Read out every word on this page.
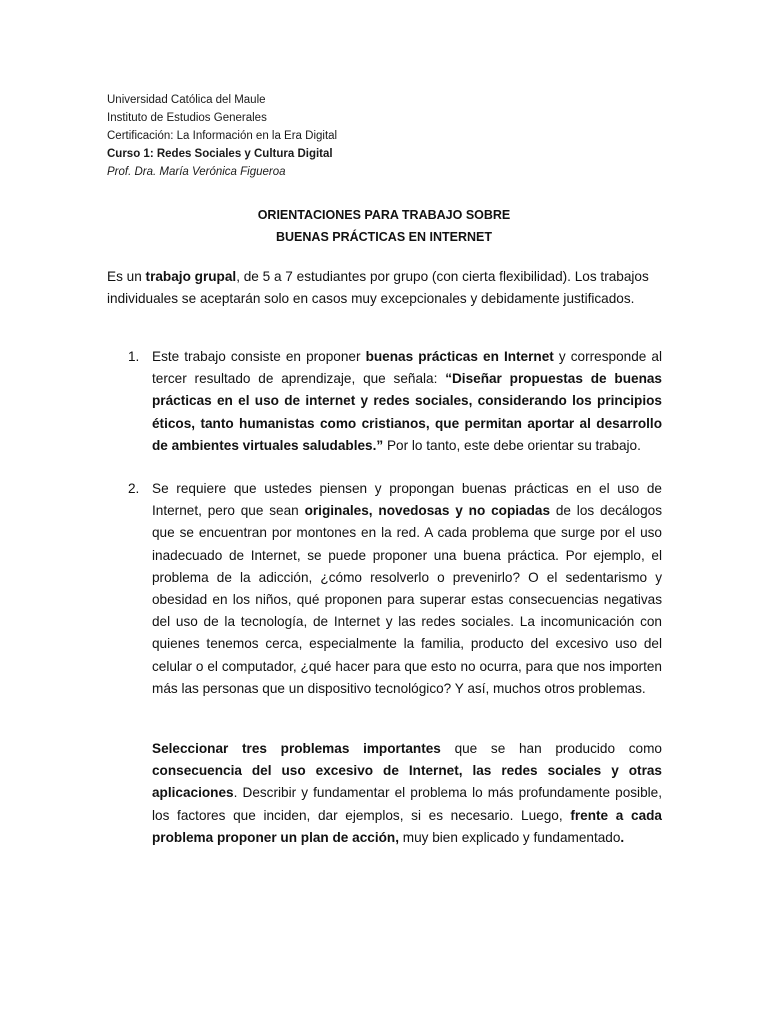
Universidad Católica del Maule
Instituto de Estudios Generales
Certificación: La Información en la Era Digital
Curso 1: Redes Sociales y Cultura Digital
Prof. Dra. María Verónica Figueroa
ORIENTACIONES PARA TRABAJO SOBRE
BUENAS PRÁCTICAS EN INTERNET
Es un trabajo grupal, de 5 a 7 estudiantes por grupo (con cierta flexibilidad). Los trabajos individuales se aceptarán solo en casos muy excepcionales y debidamente justificados.
1. Este trabajo consiste en proponer buenas prácticas en Internet y corresponde al tercer resultado de aprendizaje, que señala: “Diseñar propuestas de buenas prácticas en el uso de internet y redes sociales, considerando los principios éticos, tanto humanistas como cristianos, que permitan aportar al desarrollo de ambientes virtuales saludables.” Por lo tanto, este debe orientar su trabajo.
2. Se requiere que ustedes piensen y propongan buenas prácticas en el uso de Internet, pero que sean originales, novedosas y no copiadas de los decálogos que se encuentran por montones en la red. A cada problema que surge por el uso inadecuado de Internet, se puede proponer una buena práctica. Por ejemplo, el problema de la adicción, ¿cómo resolverlo o prevenirlo? O el sedentarismo y obesidad en los niños, qué proponen para superar estas consecuencias negativas del uso de la tecnología, de Internet y las redes sociales. La incomunicación con quienes tenemos cerca, especialmente la familia, producto del excesivo uso del celular o el computador, ¿qué hacer para que esto no ocurra, para que nos importen más las personas que un dispositivo tecnológico? Y así, muchos otros problemas.
Seleccionar tres problemas importantes que se han producido como consecuencia del uso excesivo de Internet, las redes sociales y otras aplicaciones. Describir y fundamentar el problema lo más profundamente posible, los factores que inciden, dar ejemplos, si es necesario. Luego, frente a cada problema proponer un plan de acción, muy bien explicado y fundamentado.
